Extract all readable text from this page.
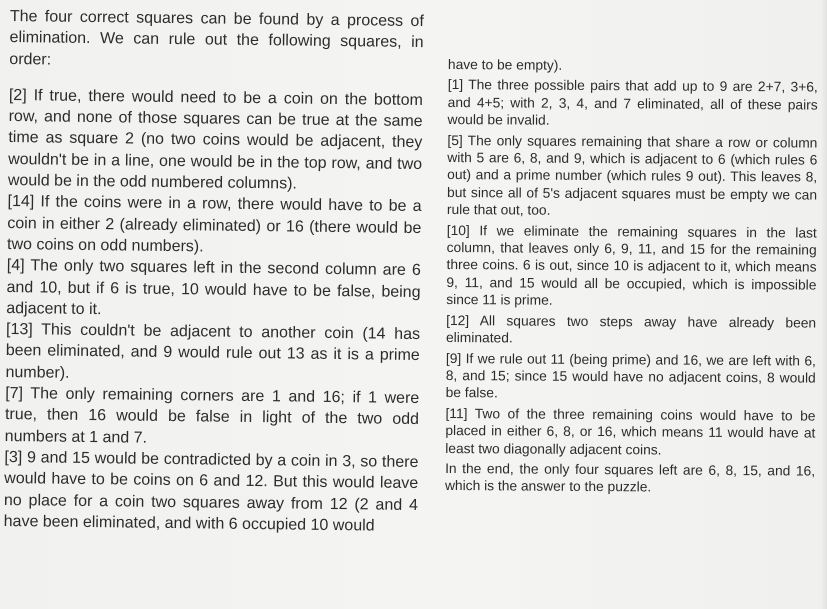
The four correct squares can be found by a process of elimination. We can rule out the following squares, in order:

[2] If true, there would need to be a coin on the bottom row, and none of those squares can be true at the same time as square 2 (no two coins would be adjacent, they wouldn't be in a line, one would be in the top row, and two would be in the odd numbered columns).

[14] If the coins were in a row, there would have to be a coin in either 2 (already eliminated) or 16 (there would be two coins on odd numbers).

[4] The only two squares left in the second column are 6 and 10, but if 6 is true, 10 would have to be false, being adjacent to it.

[13] This couldn't be adjacent to another coin (14 has been eliminated, and 9 would rule out 13 as it is a prime number).

[7] The only remaining corners are 1 and 16; if 1 were true, then 16 would be false in light of the two odd numbers at 1 and 7.

[3] 9 and 15 would be contradicted by a coin in 3, so there would have to be coins on 6 and 12. But this would leave no place for a coin two squares away from 12 (2 and 4 have been eliminated, and with 6 occupied 10 would

have to be empty).

[1] The three possible pairs that add up to 9 are 2+7, 3+6, and 4+5; with 2, 3, 4, and 7 eliminated, all of these pairs would be invalid.

[5] The only squares remaining that share a row or column with 5 are 6, 8, and 9, which is adjacent to 6 (which rules 6 out) and a prime number (which rules 9 out). This leaves 8, but since all of 5's adjacent squares must be empty we can rule that out, too.

[10] If we eliminate the remaining squares in the last column, that leaves only 6, 9, 11, and 15 for the remaining three coins. 6 is out, since 10 is adjacent to it, which means 9, 11, and 15 would all be occupied, which is impossible since 11 is prime.

[12] All squares two steps away have already been eliminated.

[9] If we rule out 11 (being prime) and 16, we are left with 6, 8, and 15; since 15 would have no adjacent coins, 8 would be false.

[11] Two of the three remaining coins would have to be placed in either 6, 8, or 16, which means 11 would have at least two diagonally adjacent coins.

In the end, the only four squares left are 6, 8, 15, and 16, which is the answer to the puzzle.
